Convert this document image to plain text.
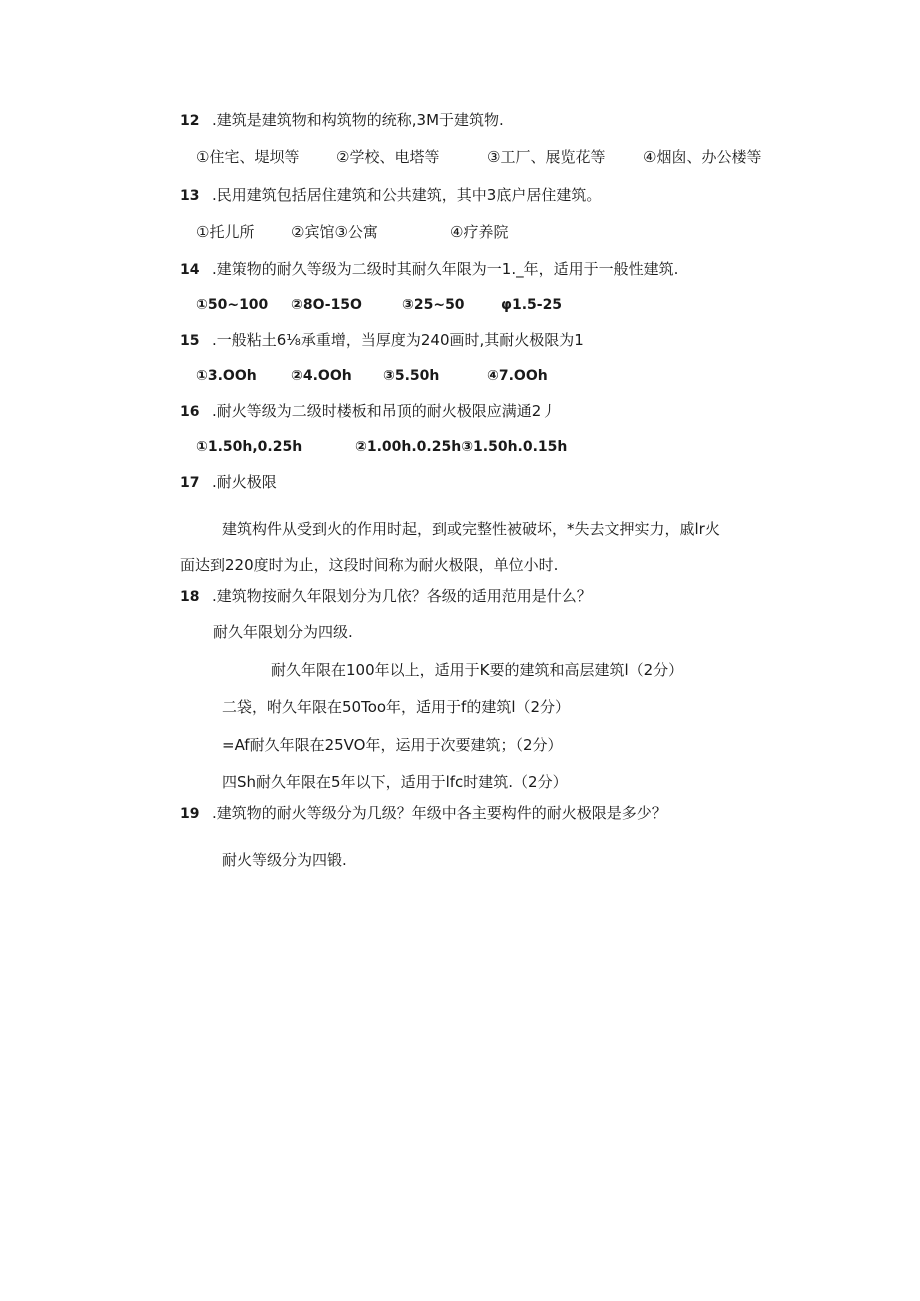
12 .建筑是建筑物和构筑物的统称,3M于建筑物.
①住宅、堤坝等 ②学校、电塔等	③工厂、展览花等	④烟囱、办公楼等
13 .民用建筑包括居住建筑和公共建筑，其中3底户居住建筑。
①托儿所 ②宾馆③公寓	④疗养院
14 .建策物的耐久等级为二级时其耐久年限为一1._年，适用于一般性建筑.
①50~100 ②8O-15O	③25~50	φ1.5-25
15 .一般粘土6⅛承重增，当厚度为240画时,其耐火极限为1
①3.OOh ②4.OOh ③5.50h	④7.OOh
16 .耐火等级为二级时楼板和吊顶的耐火极限应满通2丿
①1.50h,0.25h	②1.00h.0.25h③1.50h.0.15h
17 .耐火极限
建筑构件从受到火的作用时起，到或完整性被破坏，*失去文押实力，戚lr火
面达到220度时为止，这段时间称为耐火极限，单位小时.
18 .建筑物按耐久年限划分为几依？各级的适用范用是什么？
耐久年限划分为四级.
耐久年限在100年以上，适用于K要的建筑和高层建筑l（2分）
二袋，咐久年限在50Too年，适用于f的建筑l（2分）
=Af耐久年限在25VO年，运用于次要建筑；（2分）
四Sh耐久年限在5年以下，适用于lfc时建筑.（2分）
19 .建筑物的耐火等级分为几级？年级中各主要构件的耐火极限是多少？
耐火等级分为四锻.
